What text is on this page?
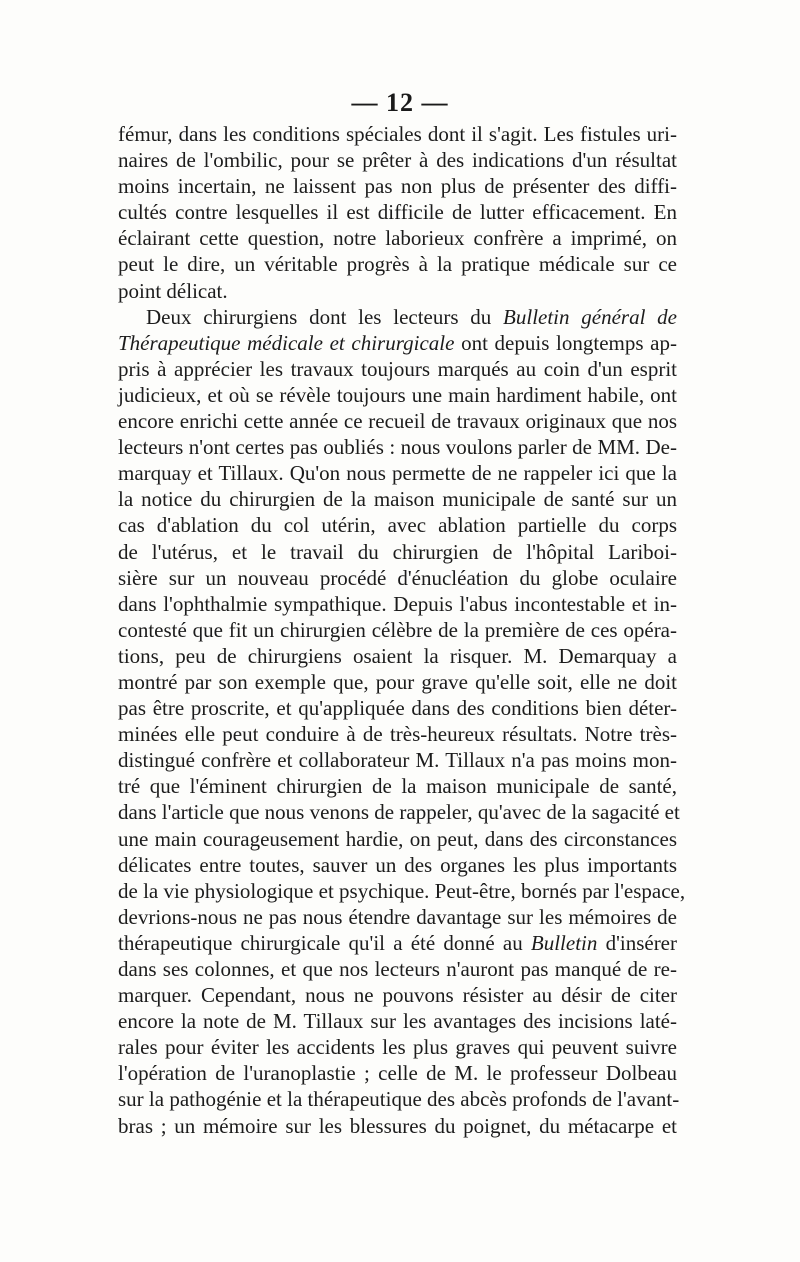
— 12 —
fémur, dans les conditions spéciales dont il s'agit. Les fistules uri-
naires de l'ombilic, pour se prêter à des indications d'un résultat
moins incertain, ne laissent pas non plus de présenter des diffi-
cultés contre lesquelles il est difficile de lutter efficacement. En
éclairant cette question, notre laborieux confrère a imprimé, on
peut le dire, un véritable progrès à la pratique médicale sur ce
point délicat.
Deux chirurgiens dont les lecteurs du Bulletin général de
Thérapeutique médicale et chirurgicale ont depuis longtemps ap-
pris à apprécier les travaux toujours marqués au coin d'un esprit
judicieux, et où se révèle toujours une main hardiment habile, ont
encore enrichi cette année ce recueil de travaux originaux que nos
lecteurs n'ont certes pas oubliés : nous voulons parler de MM. De-
marquay et Tillaux. Qu'on nous permette de ne rappeler ici que la
la notice du chirurgien de la maison municipale de santé sur un
cas d'ablation du col utérin, avec ablation partielle du corps
de l'utérus, et le travail du chirurgien de l'hôpital Lariboi-
sière sur un nouveau procédé d'énucléation du globe oculaire
dans l'ophthalmie sympathique. Depuis l'abus incontestable et in-
contesté que fit un chirurgien célèbre de la première de ces opéra-
tions, peu de chirurgiens osaient la risquer. M. Demarquay a
montré par son exemple que, pour grave qu'elle soit, elle ne doit
pas être proscrite, et qu'appliquée dans des conditions bien déter-
minées elle peut conduire à de très-heureux résultats. Notre très-
distingué confrère et collaborateur M. Tillaux n'a pas moins mon-
tré que l'éminent chirurgien de la maison municipale de santé,
dans l'article que nous venons de rappeler, qu'avec de la sagacité et
une main courageusement hardie, on peut, dans des circonstances
délicates entre toutes, sauver un des organes les plus importants
de la vie physiologique et psychique. Peut-être, bornés par l'espace,
devrions-nous ne pas nous étendre davantage sur les mémoires de
thérapeutique chirurgicale qu'il a été donné au Bulletin d'insérer
dans ses colonnes, et que nos lecteurs n'auront pas manqué de re-
marquer. Cependant, nous ne pouvons résister au désir de citer
encore la note de M. Tillaux sur les avantages des incisions laté-
rales pour éviter les accidents les plus graves qui peuvent suivre
l'opération de l'uranoplastie ; celle de M. le professeur Dolbeau
sur la pathogénie et la thérapeutique des abcès profonds de l'avant-
bras ; un mémoire sur les blessures du poignet, du métacarpe et
